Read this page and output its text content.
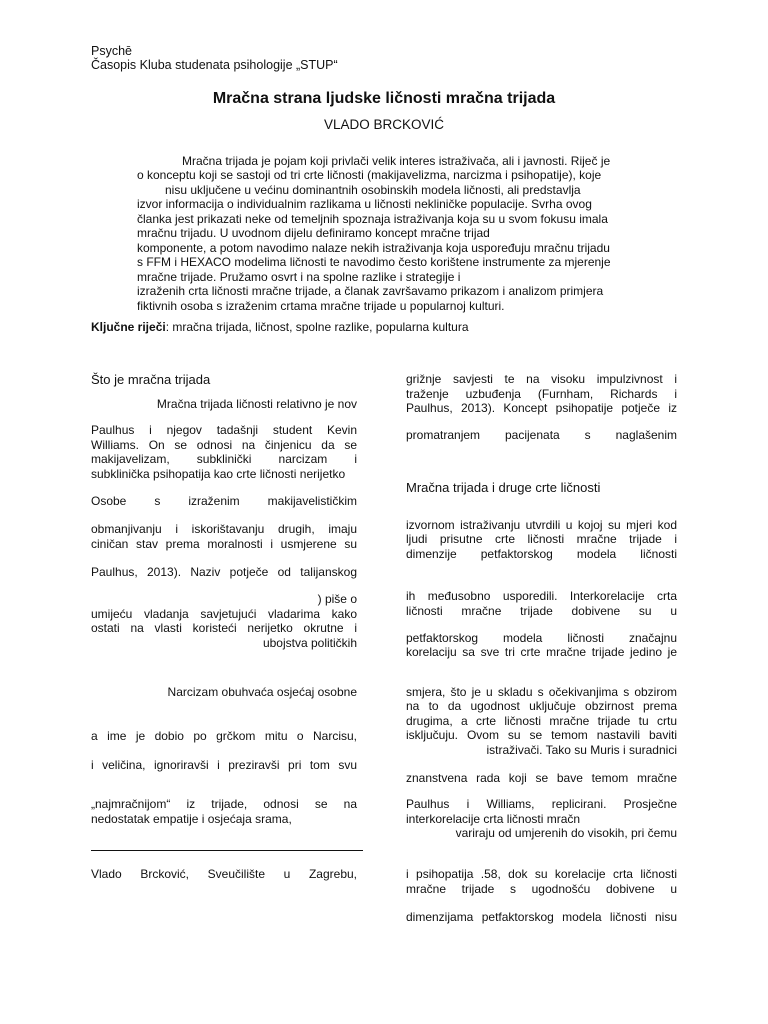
Psychē
Časopis Kluba studenata psihologije „STUP“
Mračna strana ljudske ličnosti mračna trijada
VLADO BRCKOVIĆ
Mračna trijada je pojam koji privlači velik interes istraživača, ali i javnosti. Riječ je
o konceptu koji se sastoji od tri crte ličnosti (makijavelizma, narcizma i psihopatije), koje
nisu uključene u većinu dominantnih osobinskih modela ličnosti, ali predstavlja
izvor informacija o individualnim razlikama u ličnosti nekliničke populacije. Svrha ovog
članka jest prikazati neke od temeljnih spoznaja istraživanja koja su u svom fokusu imala
mračnu trijadu. U uvodnom dijelu definiramo koncept mračne trijad
komponente, a potom navodimo nalaze nekih istraživanja koja uspoređuju mračnu trijadu
s FFM i HEXACO modelima ličnosti te navodimo često korištene instrumente za mjerenje
mračne trijade. Pružamo osvrt i na spolne razlike i strategije i
izraženih crta ličnosti mračne trijade, a članak završavamo prikazom i analizom primjera
fiktivnih osoba s izraženim crtama mračne trijade u popularnoj kulturi.
Ključne riječi: mračna trijada, ličnost, spolne razlike, popularna kultura
Što je mračna trijada
Mračna trijada ličnosti relativno je nov
Paulhus i njegov tadašnji student Kevin
Williams. On se odnosi na činjenicu da se
makijavelizam, subklinički narcizam i
subklinička psihopatija kao crte ličnosti nerijetko
Osobe s izraženim makijavelističkim
obmanjivanju i iskorištavanju drugih, imaju
ciničan stav prema moralnosti i usmjerene su
Paulhus, 2013). Naziv potječe od talijanskog
) piše o
umijeću vladanja savjetujući vladarima kako
ostati na vlasti koristeći nerijetko okrutne i
ubojstva političkih
Narcizam obuhvaća osjećaj osobne
a ime je dobio po grčkom mitu o Narcisu,
i veličina, ignoriravši i preziravši pri tom svu
„najmračnijom“ iz trijade, odnosi se na
nedostatak empatije i osjećaja srama,
Vlado Brcković, Sveučilište u Zagrebu,
grižnje savjesti te na visoku impulzivnost i
traženje uzbuđenja (Furnham, Richards i
Paulhus, 2013). Koncept psihopatije potječe iz
promatranjem pacijenata s naglašenim
Mračna trijada i druge crte ličnosti
izvornom istraživanju utvrdili u kojoj su mjeri kod
ljudi prisutne crte ličnosti mračne trijade i
dimenzije petfaktorskog modela ličnosti
ih međusobno usporedili. Interkorelacije crta
ličnosti mračne trijade dobivene su u
petfaktorskog modela ličnosti značajnu
korelaciju sa sve tri crte mračne trijade jedino je
smjera, što je u skladu s očekivanjima s obzirom
na to da ugodnost uključuje obzirnost prema
drugima, a crte ličnosti mračne trijade tu crtu
isključuju. Ovom su se temom nastavili baviti
istraživači. Tako su Muris i suradnici
znanstvena rada koji se bave temom mračne
Paulhus i Williams, replicirani. Prosječne
interkorelacije crta ličnosti mračn
variraju od umjerenih do visokih, pri čemu
i psihopatija .58, dok su korelacije crta ličnosti
mračne trijade s ugodnošću dobivene u
dimenzijama petfaktorskog modela ličnosti nisu
